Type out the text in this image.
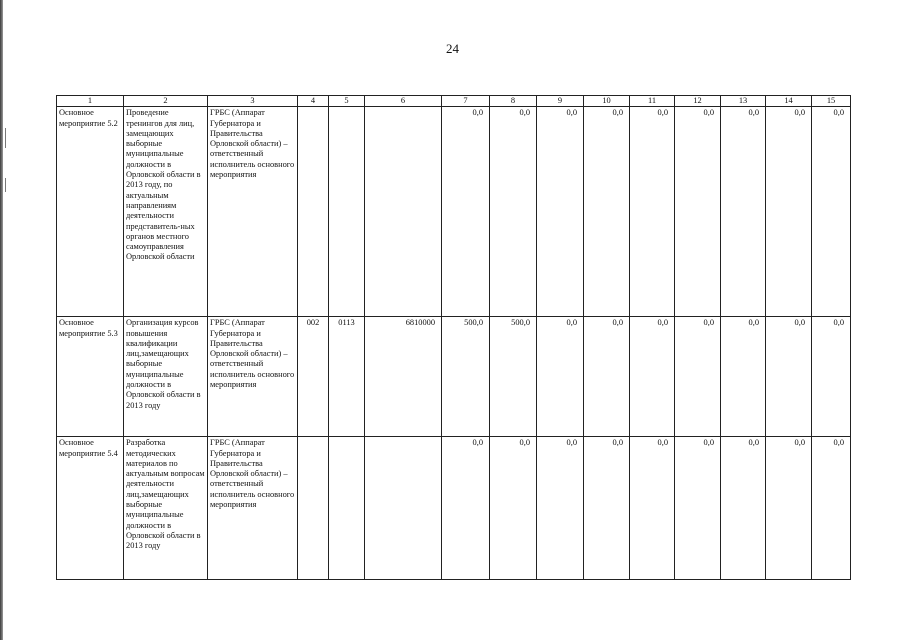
24
1	2	3	4	5	6	7	8	9	10	11	12	13	14	15
Основное мероприятие 5.2	Проведение тренингов для лиц, замещающих выборные муниципальные должности в Орловской области в 2013 году, по актуальным направлениям деятельности представитель-ных органов местного самоуправления Орловской области	ГРБС (Аппарат Губернатора и Правительства Орловской области) – ответственный исполнитель основного мероприятия				0,0	0,0	0,0	0,0	0,0	0,0	0,0	0,0	0,0
Основное мероприятие 5.3	Организация курсов повышения квалификации лиц,замещающих выборные муниципальные должности в Орловской области в 2013 году	ГРБС (Аппарат Губернатора и Правительства Орловской области) – ответственный исполнитель основного мероприятия	002	0113	6810000	500,0	500,0	0,0	0,0	0,0	0,0	0,0	0,0	0,0
Основное мероприятие 5.4	Разработка методических материалов по актуальным вопросам деятельности лиц,замещающих выборные муниципальные должности в Орловской области в 2013 году	ГРБС (Аппарат Губернатора и Правительства Орловской области) – ответственный исполнитель основного мероприятия				0,0	0,0	0,0	0,0	0,0	0,0	0,0	0,0	0,0
